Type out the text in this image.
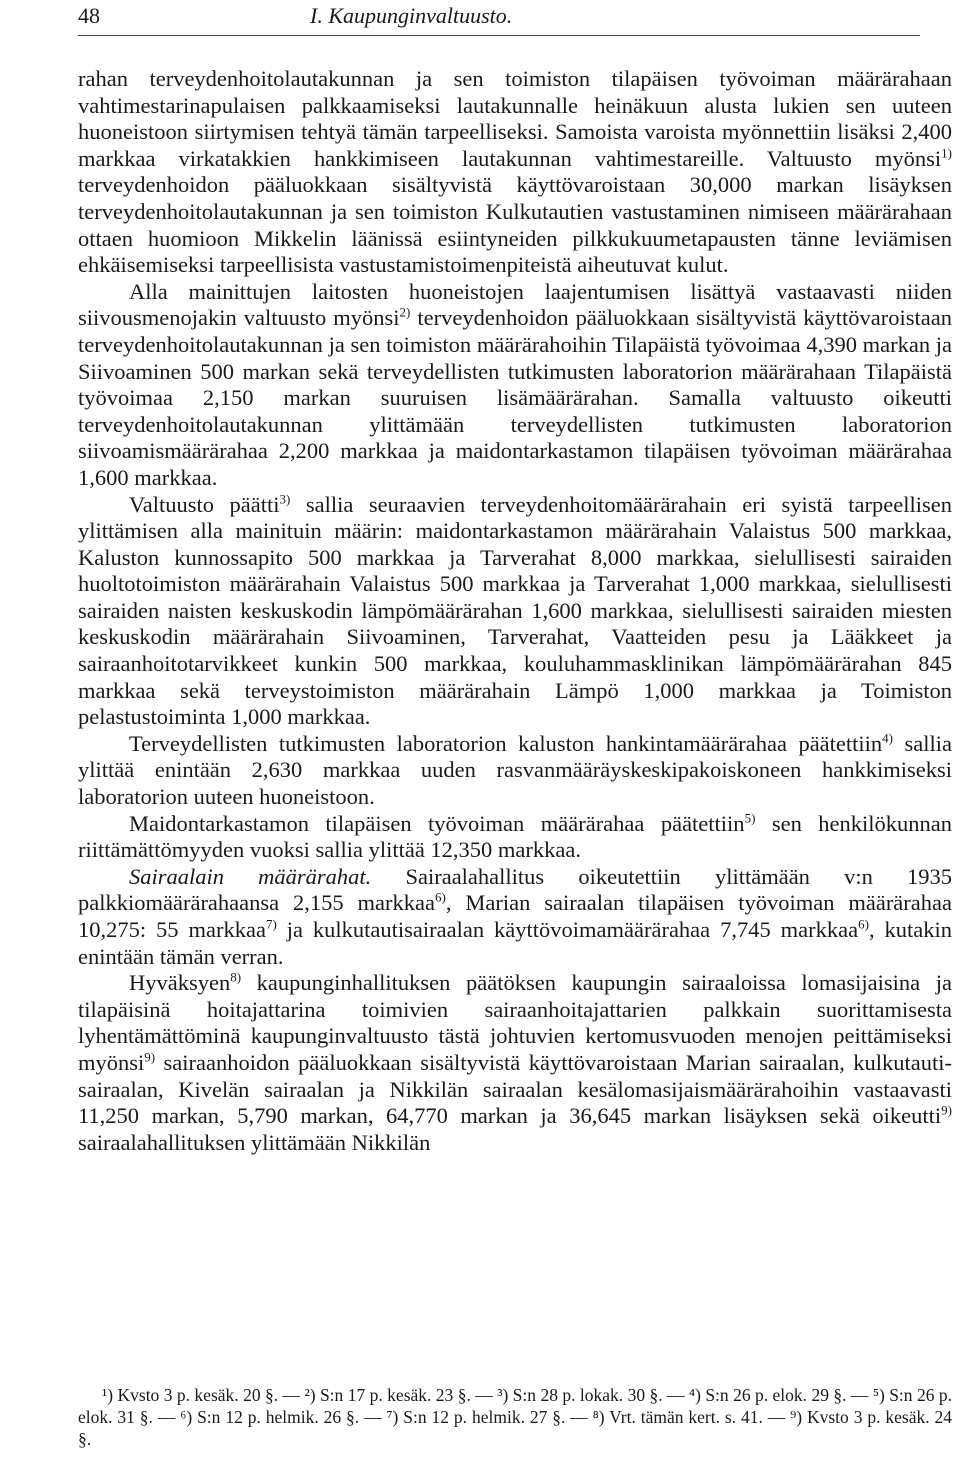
48	I. Kaupunginvaltuusto.

rahan terveydenhoitolautakunnan ja sen toimiston tilapäisen työvoiman määrärahaan vahtimestarinapulaisen palkkaamiseksi lautakunnalle heinäkuun alusta lukien sen uuteen huoneistoon siirtymisen tehtyä tämän tarpeelliseksi. Samoista varoista myönnettiin lisäksi 2,400 markkaa virkatakkien hankkimiseen lautakunnan vahtimestareille. Valtuusto myönsi$^{1)}$ terveydenhoidon pääluokkaan sisältyvistä käyttövaroistaan 30,000 markan lisäyksen terveydenhoitolautakunnan ja sen toimiston Kulkutautien vastustaminen nimiseen määrärahaan ottaen huomioon Mikkelin läänissä esiintyneiden pilkkukuumetapausten tänne leviämisen ehkäisemiseksi tarpeellisista vastustamistoimenpiteistä aiheutuvat kulut.

Alla mainittujen laitosten huoneistojen laajentumisen lisättyä vastaavasti niiden siivousmenojakin valtuusto myönsi$^{2)}$ terveydenhoidon pääluokkaan sisältyvistä käyttövaroistaan terveydenhoitolautakunnan ja sen toimiston määrärahoihin Tilapäistä työvoimaa 4,390 markan ja Siivoaminen 500 markan sekä terveydellisten tutkimusten laboratorion määrärahaan Tilapäistä työvoimaa 2,150 markan suuruisen lisämäärärahan. Samalla valtuusto oikeutti terveydenhoitolautakunnan ylittämään terveydellisten tutkimusten laboratorion siivoamismäärärahaa 2,200 markkaa ja maidontarkastamon tilapäisen työvoiman määrärahaa 1,600 markkaa.

Valtuusto päätti$^{3)}$ sallia seuraavien terveydenhoitomäärärahain eri syistä tarpeellisen ylittämisen alla mainituin määrin: maidontarkastamon määrärahain Valaistus 500 markkaa, Kaluston kunnossapito 500 markkaa ja Tarverahat 8,000 markkaa, sielullisesti sairaiden huoltotoimiston määrärahain Valaistus 500 markkaa ja Tarverahat 1,000 markkaa, sielullisesti sairaiden naisten keskuskodin lämpömäärärahan 1,600 markkaa, sielullisesti sairaiden miesten keskuskodin määrärahain Siivoaminen, Tarverahat, Vaatteiden pesu ja Lääkkeet ja sairaanhoitotarvikkeet kunkin 500 markkaa, kouluhammasklinikan lämpömäärärahan 845 markkaa sekä terveystoimiston määrärahain Lämpö 1,000 markkaa ja Toimiston pelastustoiminta 1,000 markkaa.

Terveydellisten tutkimusten laboratorion kaluston hankintamäärärahaa päätettiin$^{4)}$ sallia ylittää enintään 2,630 markkaa uuden rasvanmääräyskeskipakoiskoneen hankkimiseksi laboratorion uuteen huoneistoon.

Maidontarkastamon tilapäisen työvoiman määrärahaa päätettiin$^{5)}$ sen henkilökunnan riittämättömyyden vuoksi sallia ylittää 12,350 markkaa.

Sairaalain määrärahat. Sairaalahallitus oikeutettiin ylittämään v:n 1935 palkkiomäärärahaansa 2,155 markkaa$^{6)}$, Marian sairaalan tilapäisen työvoiman määrärahaa 10,275: 55 markkaa$^{7)}$ ja kulkutautisairaalan käyttövoimamäärärahaa 7,745 markkaa$^{6)}$, kutakin enintään tämän verran.

Hyväksyen$^{8)}$ kaupunginhallituksen päätöksen kaupungin sairaaloissa lomasijaisina ja tilapäisinä hoitajattarina toimivien sairaanhoitajattarien palkkain suorittamisesta lyhentämättöminä kaupunginvaltuusto tästä johtuvien kertomusvuoden menojen peittämiseksi myönsi$^{9)}$ sairaanhoidon pääluokkaan sisältyvistä käyttövaroistaan Marian sairaalan, kulkutautisairaalan, Kivelän sairaalan ja Nikkilän sairaalan kesälomasijaismäärärahoihin vastaavasti 11,250 markan, 5,790 markan, 64,770 markan ja 36,645 markan lisäyksen sekä oikeutti$^{9)}$ sairaalahallituksen ylittämään Nikkilän

¹) Kvsto 3 p. kesäk. 20 §. — ²) S:n 17 p. kesäk. 23 §. — ³) S:n 28 p. lokak. 30 §. — ⁴) S:n 26 p. elok. 29 §. — ⁵) S:n 26 p. elok. 31 §. — ⁶) S:n 12 p. helmik. 26 §. — ⁷) S:n 12 p. helmik. 27 §. — ⁸) Vrt. tämän kert. s. 41. — ⁹) Kvsto 3 p. kesäk. 24 §.
